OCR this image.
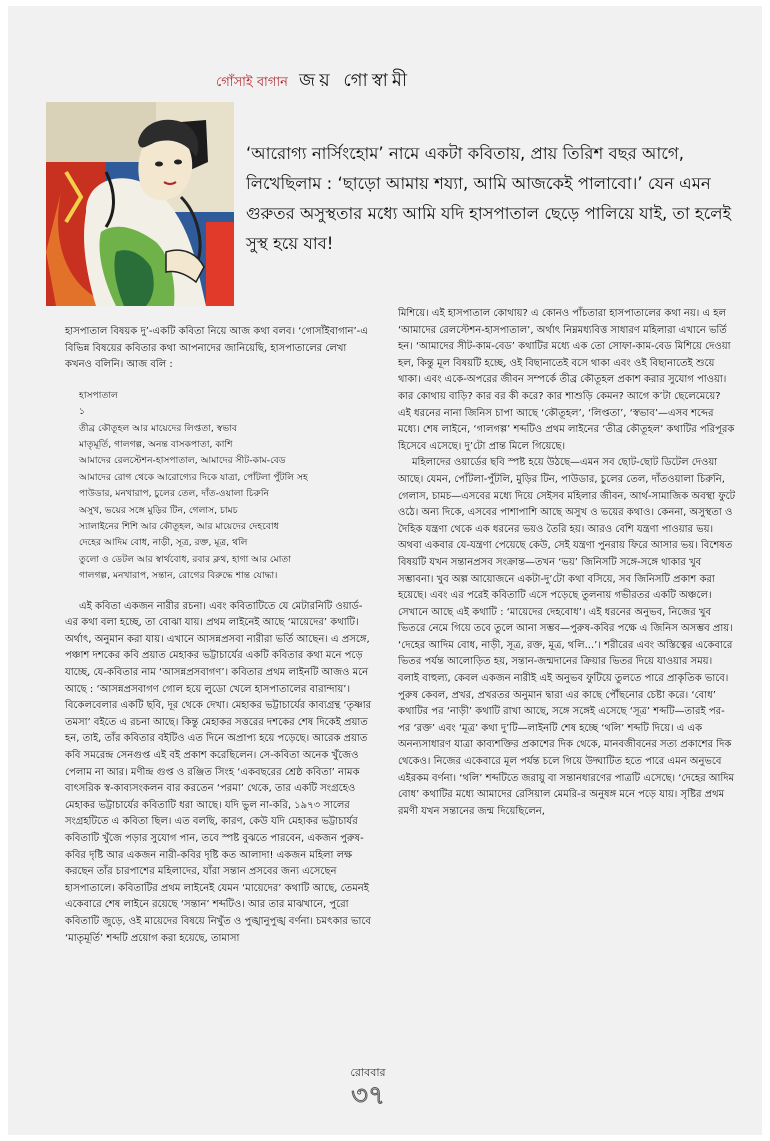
গোঁসাই বাগান জয় গোস্বামী
‘আরোগ্য নার্সিংহোম’ নামে একটা কবিতায়, প্রায় তিরিশ বছর আগে, লিখেছিলাম : ‘ছাড়ো আমায় শয্যা, আমি আজকেই পালাবো।’ যেন এমন গুরুতর অসুস্থতার মধ্যে আমি যদি হাসপাতাল ছেড়ে পালিয়ে যাই, তা হলেই সুস্থ হয়ে যাব!

হাসপাতাল বিষয়ক দু’-একটি কবিতা নিয়ে আজ কথা বলব। ‘গোসাঁইবাগান’-এ বিভিন্ন বিষয়ের কবিতার কথা আপনাদের জানিয়েছি, হাসপাতালের লেখা কখনও বলিনি। আজ বলি :

হাসপাতাল
১
তীব্র কৌতূহল আর মায়েদের লিপ্ততা, স্বভাব
মাতৃমূর্তি, গালগল্প, অনন্ত বাসকপাতা, কাশি
আমাদের রেলস্টেশন-হাসপাতাল, আমাদের সীট-কাম-বেড
আমাদের রোগ থেকে আরোগ্যের দিকে যাত্রা, পোঁটলা পুঁটলি সহ
পাউডার, মনখারাপ, চুলের তেল, দাঁত-ওয়ালা চিরুনি
অসুখ, ভয়ের সঙ্গে মুড়ির টিন, গেলাস, চামচ
স্যালাইনের শিশি আর কৌতূহল, আর মায়েদের দেহবোধ
দেহের আদিম বোধ, নাড়ী, সূত্র, রক্ত, মূত্র, থলি
তুলো ও ডেটল আর স্বার্থবোধ, রবার ক্লথ, হাগা আর মোতা
গালগল্প, মনখারাপ, সন্তান, রোগের বিরুদ্ধে শান্ত যোদ্ধা।

এই কবিতা একজন নারীর রচনা। এবং কবিতাটিতে যে মেটারনিটি ওয়ার্ড-এর কথা বলা হচ্ছে, তা বোঝা যায়। প্রথম লাইনেই আছে ‘মায়েদের’ কথাটি। অর্থাৎ, অনুমান করা যায়। এখানে আসন্নপ্রসবা নারীরা ভর্তি আছেন। এ প্রসঙ্গে, পঞ্চাশ দশকের কবি প্রয়াত মেহাকর ভট্টাচার্যের একটি কবিতার কথা মনে পড়ে যাচ্ছে, যে-কবিতার নাম ‘আসন্নপ্রসবাগণ’। কবিতার প্রথম লাইনটি আজও মনে আছে : ‘আসন্নপ্রসবাগণ গোল হয়ে লুডো খেলে হাসপাতালের বারান্দায়’। বিকেলবেলার একটি ছবি, দূর থেকে দেখা। মেহাকর ভট্টাচার্যের কাব্যগ্রন্থ ‘তৃষ্ণার তমসা’ বইতে এ রচনা আছে। কিন্তু মেহাকর সত্তরের দশকের শেষ দিকেই প্রয়াত হন, তাই, তাঁর কবিতার বইটিও এত দিনে অপ্রাপ্য হয়ে পড়েছে। আরেক প্রয়াত কবি সমরেন্দ্র সেনগুপ্ত এই বই প্রকাশ করেছিলেন। সে-কবিতা অনেক খুঁজেও পেলাম না আর। মণীন্দ্র গুপ্ত ও রঞ্জিত সিংহ ‘একবছরের শ্রেষ্ঠ কবিতা’ নামক বাৎসরিক স্ব-কাব্যসংকলন বার করতেন ‘পরমা’ থেকে, তার একটি সংগ্রহেও মেহাকর ভট্টাচার্যের কবিতাটি ধরা আছে। যদি ভুল না-করি, ১৯৭৩ সালের সংগ্রহটিতে এ কবিতা ছিল। এত বলছি, কারণ, কেউ যদি মেহাকর ভট্টাচার্যর কবিতাটি খুঁজে পড়ার সুযোগ পান, তবে স্পষ্ট বুঝতে পারবেন, একজন পুরুষ-কবির দৃষ্টি আর একজন নারী-কবির দৃষ্টি কত আলাদা! একজন মহিলা লক্ষ করছেন তাঁর চারপাশের মহিলাদের, যাঁরা সন্তান প্রসবের জন্য এসেছেন হাসপাতালে। কবিতাটির প্রথম লাইনেই যেমন ‘মায়েদের’ কথাটি আছে, তেমনই একেবারে শেষ লাইনে রয়েছে ‘সন্তান’ শব্দটিও। আর তার মাঝখানে, পুরো কবিতাটি জুড়ে, ওই মায়েদের বিষয়ে নিখুঁত ও পুঙ্খানুপুঙ্খ বর্ণনা। চমৎকার ভাবে ‘মাতৃমূর্তি’ শব্দটি প্রয়োগ করা হয়েছে, তামাসা

মিশিয়ে। এই হাসপাতাল কোথায়? এ কোনও পাঁচতারা হাসপাতালের কথা নয়। এ হল ‘আমাদের রেলস্টেশন-হাসপাতাল’, অর্থাৎ নিম্নমধ্যবিত্ত সাধারণ মহিলারা এখানে ভর্তি হন। ‘আমাদের সীট-কাম-বেড’ কথাটির মধ্যে এক তো সোফা-কাম-বেড মিশিয়ে দেওয়া হল, কিন্তু মূল বিষয়টি হচ্ছে, ওই বিছানাতেই বসে থাকা এবং ওই বিছানাতেই শুয়ে থাকা। এবং একে-অপরের জীবন সম্পর্কে তীব্র কৌতূহল প্রকাশ করার সুযোগ পাওয়া। কার কোথায় বাড়ি? কার বর কী করে? কার শাশুড়ি কেমন? আগে ক’টা ছেলেমেয়ে? এই ধরনের নানা জিনিস চাপা আছে ‘কৌতূহল’, ‘লিপ্ততা’, ‘স্বভাব’—এসব শব্দের মধ্যে। শেষ লাইনে, ‘গালগল্প’ শব্দটিও প্রথম লাইনের ‘তীব্র কৌতূহল’ কথাটির পরিপূরক হিসেবে এসেছে। দু’টো প্রান্ত মিলে গিয়েছে।

মহিলাদের ওয়ার্ডের ছবি স্পষ্ট হয়ে উঠছে—এমন সব ছোট-ছোট ডিটেল দেওয়া আছে। যেমন, পোঁটলা-পুঁটলি, মুড়ির টিন, পাউডার, চুলের তেল, দাঁতওয়ালা চিরুনি, গেলাস, চামচ—এসবের মধ্যে দিয়ে সেইসব মহিলার জীবন, আর্থ-সামাজিক অবস্থা ফুটে ওঠে। অন্য দিকে, এসবের পাশাপাশি আছে অসুখ ও ভয়ের কথাও। কেননা, অসুস্থতা ও দৈহিক যন্ত্রণা থেকে এক ধরনের ভয়ও তৈরি হয়। আরও বেশি যন্ত্রণা পাওয়ার ভয়। অথবা একবার যে-যন্ত্রণা পেয়েছে কেউ, সেই যন্ত্রণা পুনরায় ফিরে আসার ভয়। বিশেষত বিষয়টি যখন সন্তানপ্রসব সংক্রান্ত—তখন ‘ভয়’ জিনিসটি সঙ্গে-সঙ্গে থাকার খুব সম্ভাবনা। খুব অল্প আয়োজনে একটা-দু’টো কথা বসিয়ে, সব জিনিসটি প্রকাশ করা হয়েছে। এবং এর পরেই কবিতাটি এসে পড়েছে তুলনায় গভীরতর একটি অঞ্চলে। সেখানে আছে এই কথাটি : ‘মায়েদের দেহবোধ’। এই ধরনের অনুভব, নিজের খুব ভিতরে নেমে গিয়ে তবে তুলে আনা সম্ভব—পুরুষ-কবির পক্ষে এ জিনিস অসম্ভব প্রায়। ‘দেহের আদিম বোধ, নাড়ী, সূত্র, রক্ত, মূত্র, থলি...’। শরীরের এবং অস্তিত্বের একেবারে ভিতর পর্যন্ত আলোড়িত হয়, সন্তান-জন্মদানের ক্রিয়ার ভিতর দিয়ে যাওয়ার সময়। বলাই বাহুল্য, কেবল একজন নারীই এই অনুভব ফুটিয়ে তুলতে পারে প্রাকৃতিক ভাবে। পুরুষ কেবল, প্রখর, প্রখরতর অনুমান দ্বারা এর কাছে পৌঁছনোর চেষ্টা করে। ‘বোধ’ কথাটির পর ‘নাড়ী’ কথাটি রাখা আছে, সঙ্গে সঙ্গেই এসেছে ‘সূত্র’ শব্দটি—তারই পর-পর ‘রক্ত’ এবং ‘মূত্র’ কথা দু’টি—লাইনটি শেষ হচ্ছে ‘থলি’ শব্দটি দিয়ে। এ এক অনন্যসাধারণ যাত্রা কাব্যশক্তির প্রকাশের দিক থেকে, মানবজীবনের সত্য প্রকাশের দিক থেকেও। নিজের একেবারে মূল পর্যন্ত চলে গিয়ে উদ্ঘাটিত হতে পারে এমন অনুভবে এইরকম বর্ণনা। ‘থলি’ শব্দটিতে জরায়ু বা সন্তানধারণের পাত্রটি এসেছে। ‘দেহের আদিম বোধ’ কথাটির মধ্যে আমাদের রেসিয়াল মেমরি-র অনুষঙ্গ মনে পড়ে যায়। সৃষ্টির প্রথম রমণী যখন সন্তানের জন্ম দিয়েছিলেন,

রোববার
৩৭
